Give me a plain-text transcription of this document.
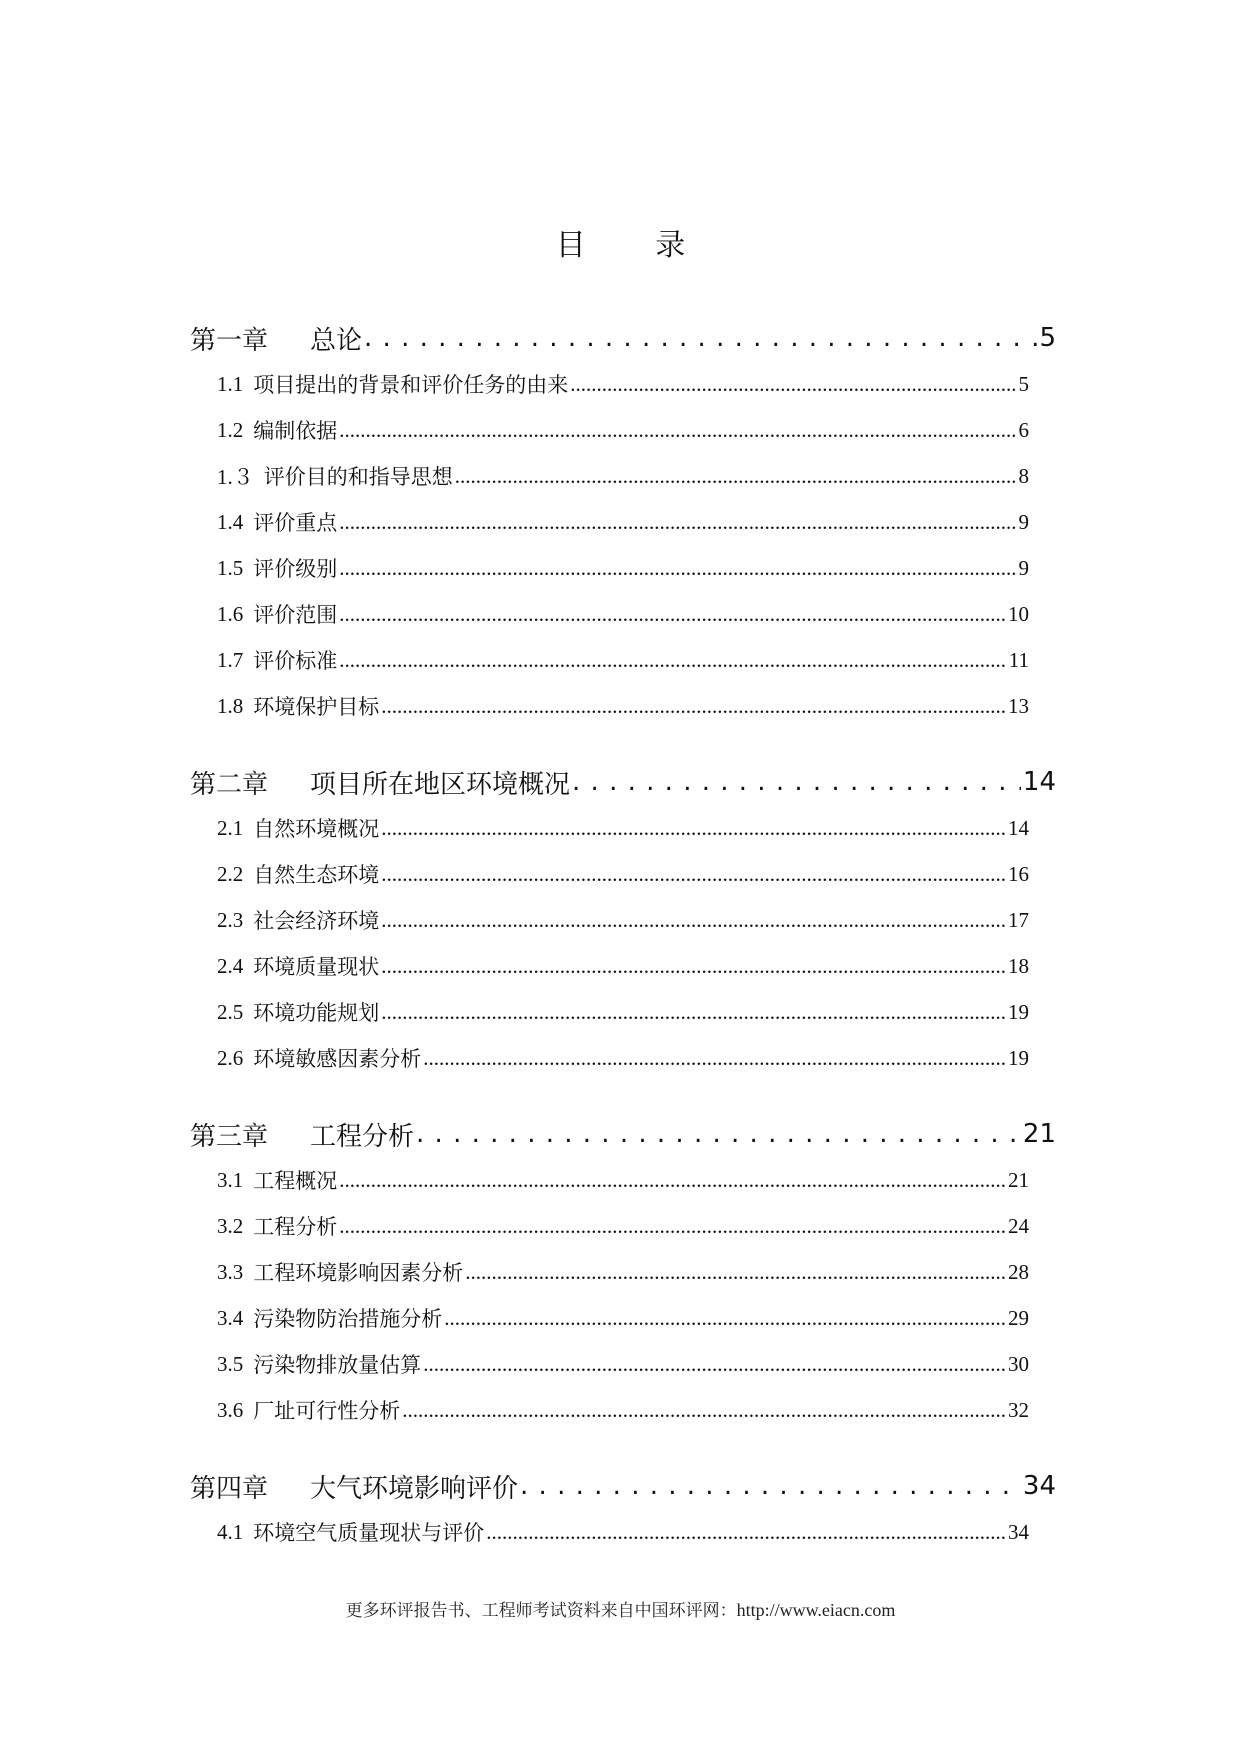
目 录
第一章	总论 . . .	5
1.1 项目提出的背景和评价任务的由来 .....	5
1.2 编制依据 .....	6
1.３ 评价目的和指导思想 .....	8
1.4 评价重点 .....	9
1.5 评价级别 .....	9
1.6 评价范围 .....	10
1.7 评价标准 .....	11
1.8 环境保护目标 .....	13
第二章	项目所在地区环境概况 . . .	14
2.1 自然环境概况 .....	14
2.2 自然生态环境 .....	16
2.3 社会经济环境 .....	17
2.4 环境质量现状 .....	18
2.5 环境功能规划 .....	19
2.6 环境敏感因素分析 .....	19
第三章	工程分析 . . .	21
3.1 工程概况 .....	21
3.2 工程分析 .....	24
3.3 工程环境影响因素分析 .....	28
3.4 污染物防治措施分析 .....	29
3.5 污染物排放量估算 .....	30
3.6 厂址可行性分析 .....	32
第四章	大气环境影响评价 . . .	34
4.1 环境空气质量现状与评价 .....	34
更多环评报告书、工程师考试资料来自中国环评网：http://www.eiacn.com
